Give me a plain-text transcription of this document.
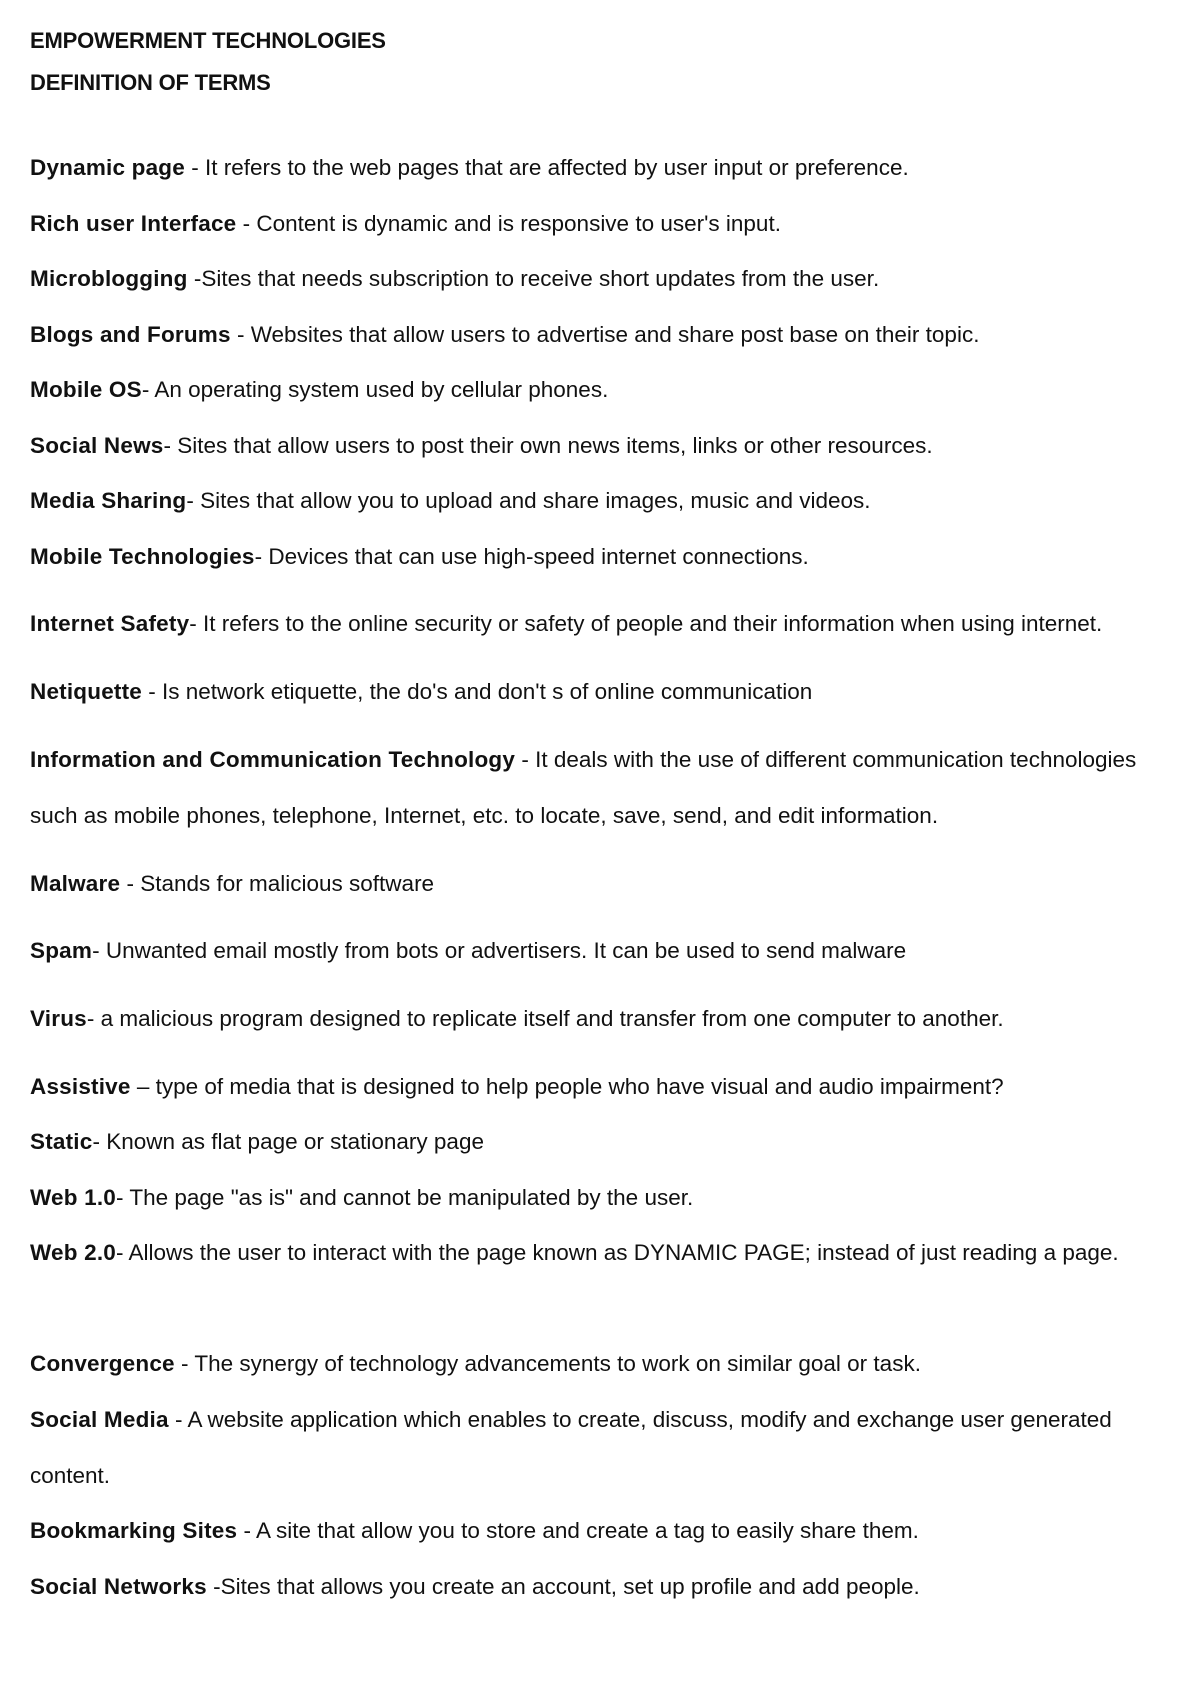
EMPOWERMENT TECHNOLOGIES
DEFINITION OF TERMS
Dynamic page - It refers to the web pages that are affected by user input or preference.
Rich user Interface - Content is dynamic and is responsive to user's input.
Microblogging -Sites that needs subscription to receive short updates from the user.
Blogs and Forums - Websites that allow users to advertise and share post base on their topic.
Mobile OS- An operating system used by cellular phones.
Social News- Sites that allow users to post their own news items, links or other resources.
Media Sharing- Sites that allow you to upload and share images, music and videos.
Mobile Technologies- Devices that can use high-speed internet connections.
Internet Safety- It refers to the online security or safety of people and their information when using internet.
Netiquette - Is network etiquette, the do's and don't s of online communication
Information and Communication Technology - It deals with the use of different communication technologies such as mobile phones, telephone, Internet, etc. to locate, save, send, and edit information.
Malware - Stands for malicious software
Spam- Unwanted email mostly from bots or advertisers. It can be used to send malware
Virus- a malicious program designed to replicate itself and transfer from one computer to another.
Assistive – type of media that is designed to help people who have visual and audio impairment?
Static- Known as flat page or stationary page
Web 1.0- The page "as is" and cannot be manipulated by the user.
Web 2.0- Allows the user to interact with the page known as DYNAMIC PAGE; instead of just reading a page.
Convergence - The synergy of technology advancements to work on similar goal or task.
Social Media - A website application which enables to create, discuss, modify and exchange user generated content.
Bookmarking Sites - A site that allow you to store and create a tag to easily share them.
Social Networks -Sites that allows you create an account, set up profile and add people.
